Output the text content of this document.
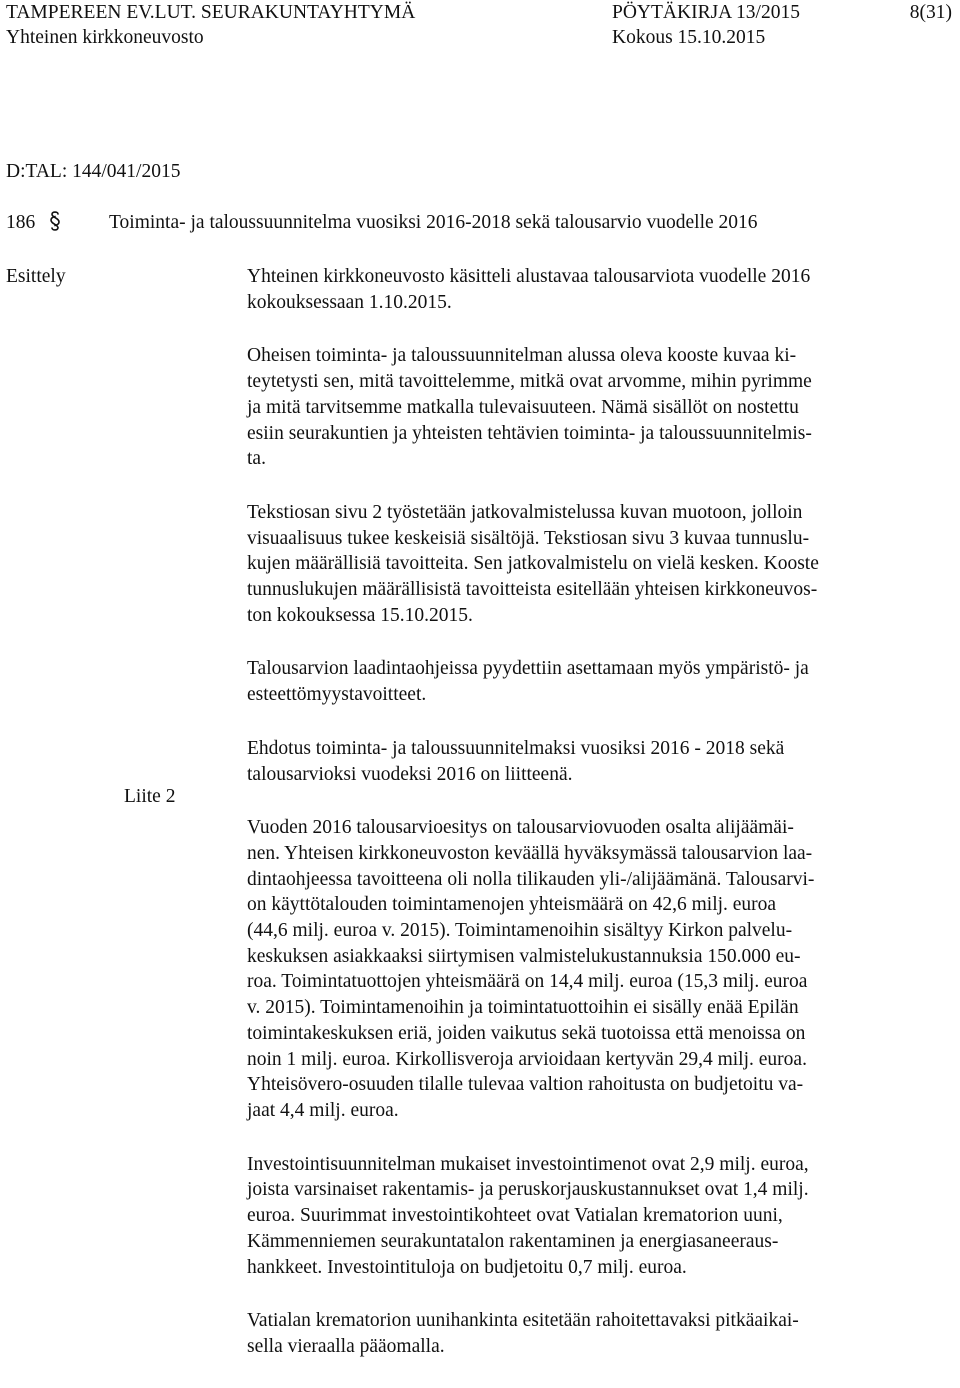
TAMPEREEN EV.LUT. SEURAKUNTAYHTYMÄ
Yhteinen kirkkoneuvosto
PÖYTÄKIRJA 13/2015
Kokous 15.10.2015
8(31)
D:TAL: 144/041/2015
186	Toiminta- ja taloussuunnitelma vuosiksi 2016-2018 sekä talousarvio vuodelle 2016
Esittely
Liite 2

Yhteinen kirkkoneuvosto käsitteli alustavaa talousarviota vuodelle 2016
kokouksessaan 1.10.2015.

Oheisen toiminta- ja taloussuunnitelman alussa oleva kooste kuvaa ki-
teytetysti sen, mitä tavoittelemme, mitkä ovat arvomme, mihin pyrimme
ja mitä tarvitsemme matkalla tulevaisuuteen. Nämä sisällöt on nostettu
esiin seurakuntien ja yhteisten tehtävien toiminta- ja taloussuunnitelmis-
ta.

Tekstiosan sivu 2 työstetään jatkovalmistelussa kuvan muotoon, jolloin
visuaalisuus tukee keskeisiä sisältöjä. Tekstiosan sivu 3 kuvaa tunnuslu-
kujen määrällisiä tavoitteita. Sen jatkovalmistelu on vielä kesken. Kooste
tunnuslukujen määrällisistä tavoitteista esitellään yhteisen kirkkoneuvos-
ton kokouksessa 15.10.2015.

Talousarvion laadintaohjeissa pyydettiin asettamaan myös ympäristö- ja
esteettömyystavoitteet.

Ehdotus toiminta- ja taloussuunnitelmaksi vuosiksi 2016 - 2018 sekä
talousarvioksi vuodeksi 2016 on liitteenä.

Vuoden 2016 talousarvioesitys on talousarviovuoden osalta alijäämäi-
nen. Yhteisen kirkkoneuvoston keväällä hyväksymässä talousarvion laa-
dintaohjeessa tavoitteena oli nolla tilikauden yli-/alijäämänä. Talousarvi-
on käyttötalouden toimintamenojen yhteismäärä on 42,6 milj. euroa
(44,6 milj. euroa v. 2015). Toimintamenoihin sisältyy Kirkon palvelu-
keskuksen asiakkaaksi siirtymisen valmistelukustannuksia 150.000 eu-
roa. Toimintatuottojen yhteismäärä on 14,4 milj. euroa (15,3 milj. euroa
v. 2015). Toimintamenoihin ja toimintatuottoihin ei sisälly enää Epilän
toimintakeskuksen eriä, joiden vaikutus sekä tuotoissa että menoissa on
noin 1 milj. euroa. Kirkollisveroja arvioidaan kertyvän 29,4 milj. euroa.
Yhteisövero-osuuden tilalle tulevaa valtion rahoitusta on budjetoitu va-
jaat 4,4 milj. euroa.

Investointisuunnitelman mukaiset investointimenot ovat 2,9 milj. euroa,
joista varsinaiset rakentamis- ja peruskorjauskustannukset ovat 1,4 milj.
euroa. Suurimmat investointikohteet ovat Vatialan krematorion uuni,
Kämmenniemen seurakuntatalon rakentaminen ja energiasaneeraus-
hankkeet. Investointituloja on budjetoitu 0,7 milj. euroa.

Vatialan krematorion uunihankinta esitetään rahoitettavaksi pitkäaikai-
sella vieraalla pääomalla.
